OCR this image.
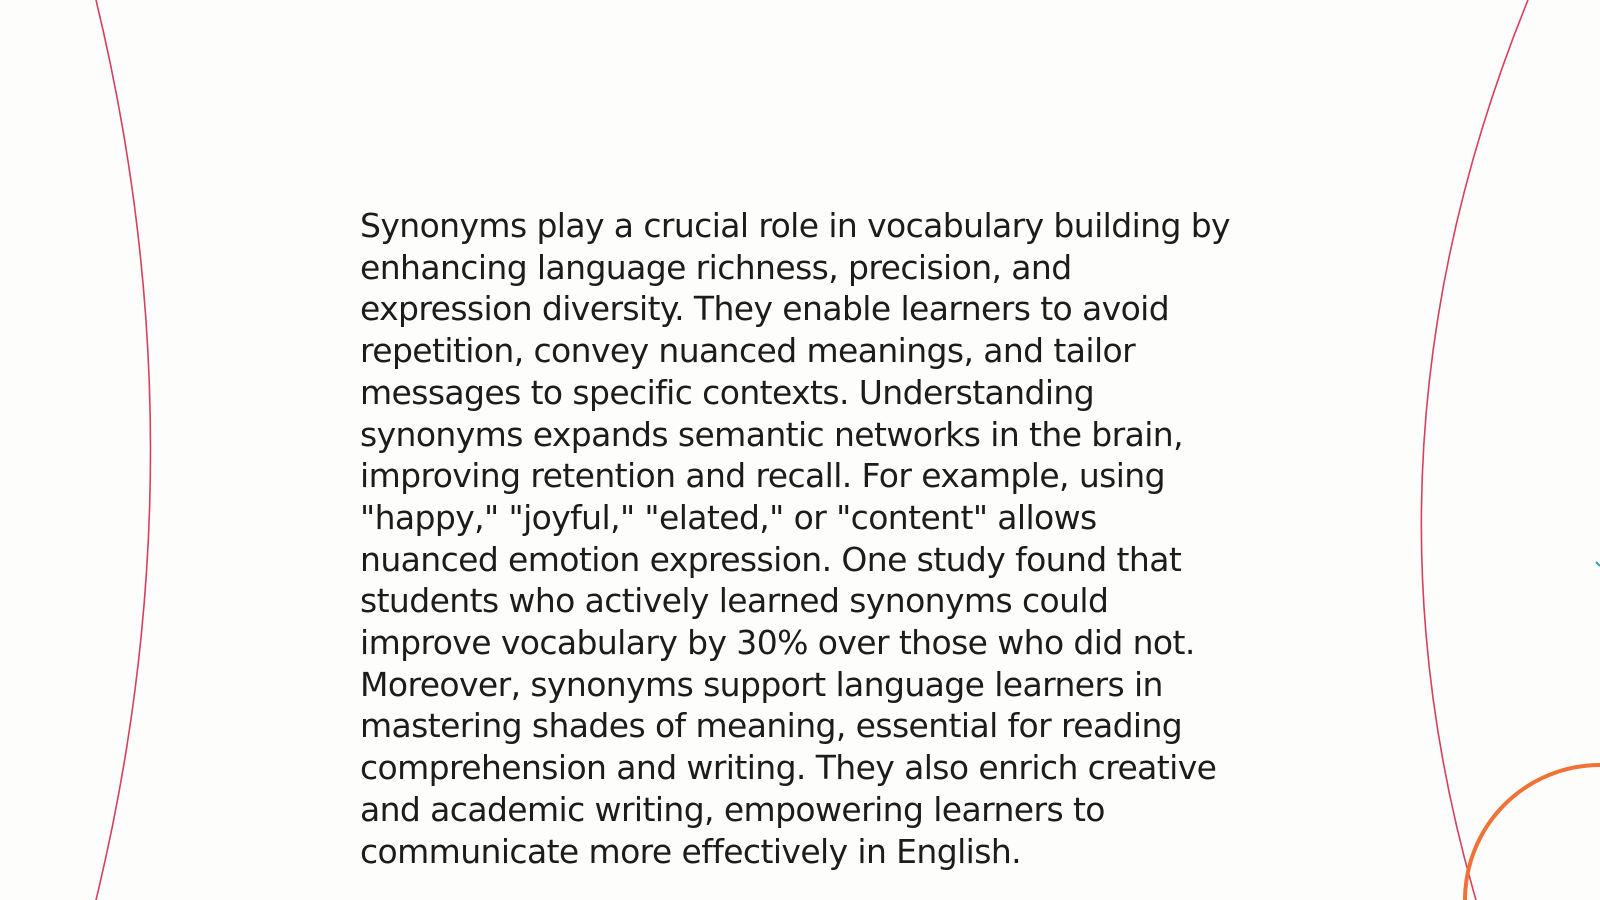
Synonyms play a crucial role in vocabulary building by
enhancing language richness, precision, and
expression diversity. They enable learners to avoid
repetition, convey nuanced meanings, and tailor
messages to specific contexts. Understanding
synonyms expands semantic networks in the brain,
improving retention and recall. For example, using
"happy," "joyful," "elated," or "content" allows
nuanced emotion expression. One study found that
students who actively learned synonyms could
improve vocabulary by 30% over those who did not.
Moreover, synonyms support language learners in
mastering shades of meaning, essential for reading
comprehension and writing. They also enrich creative
and academic writing, empowering learners to
communicate more effectively in English.
